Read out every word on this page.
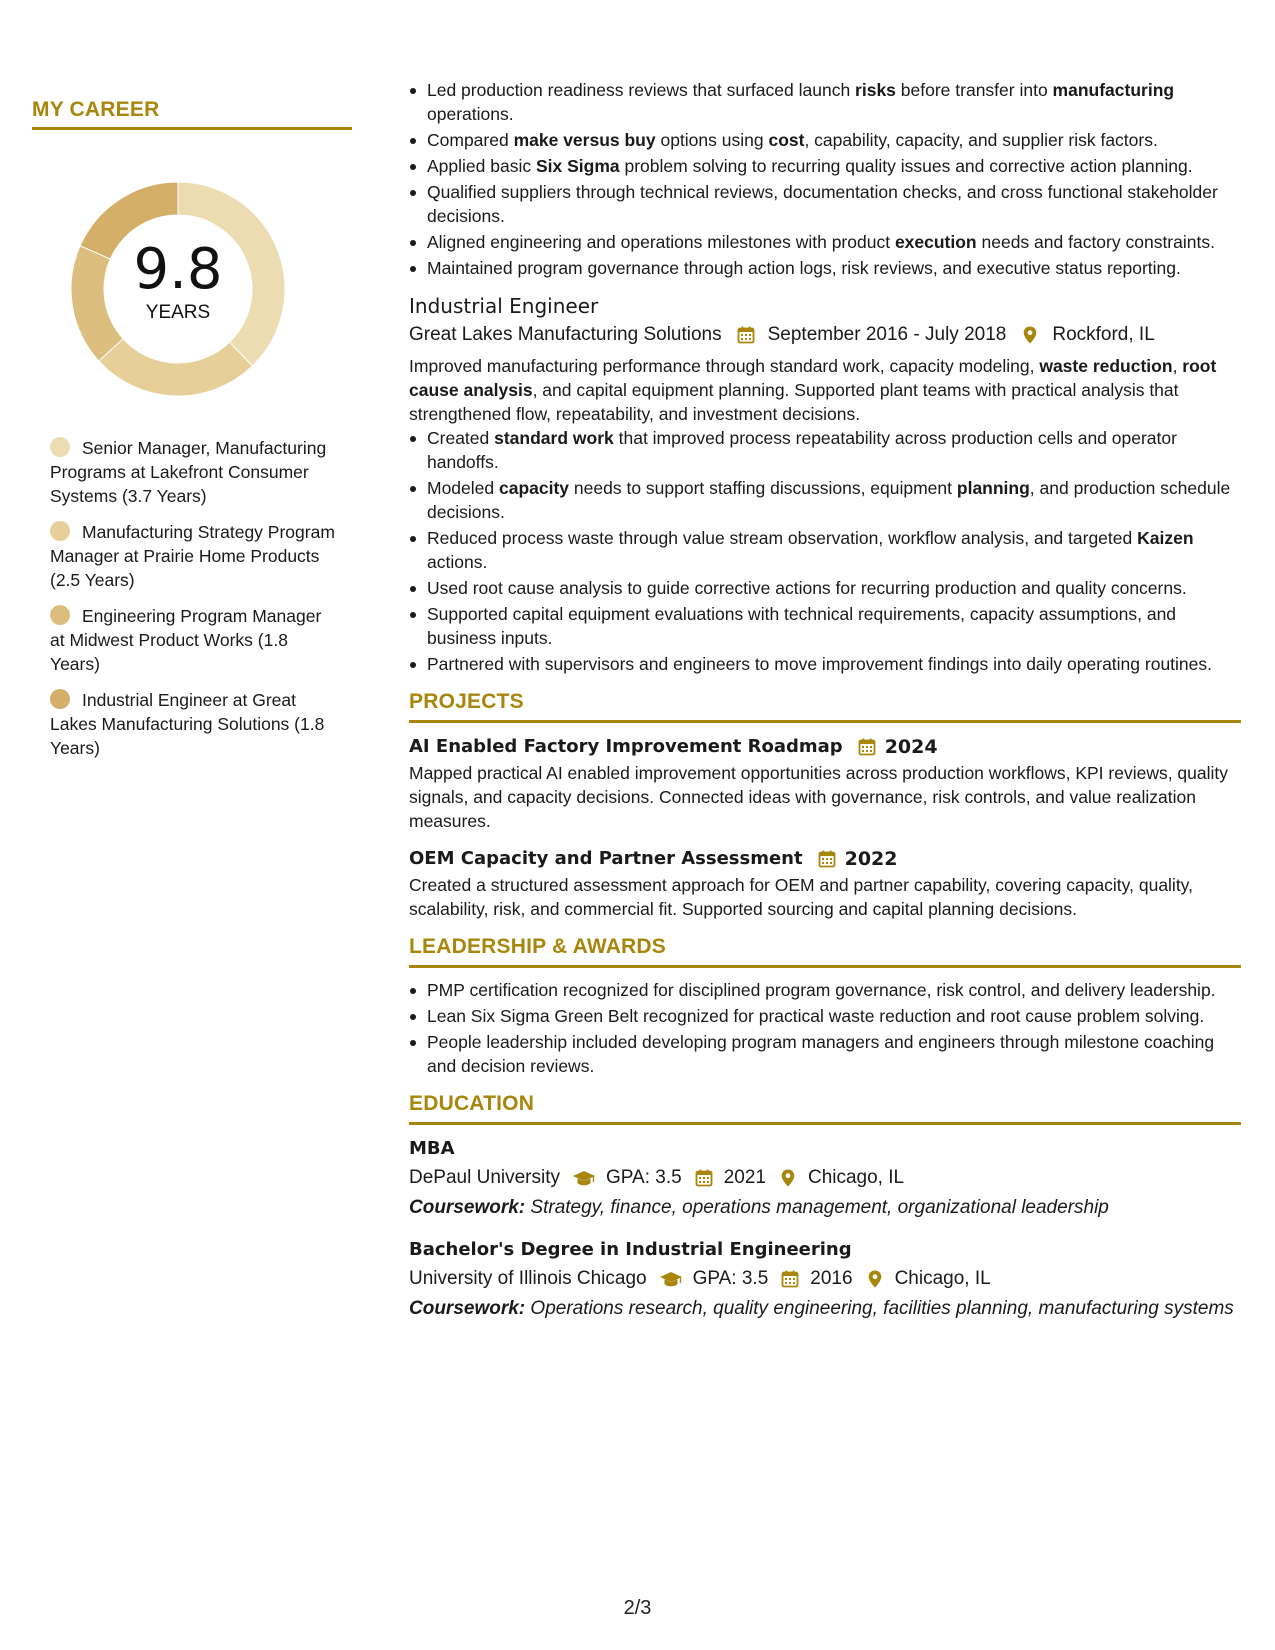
MY CAREER
9.8
YEARS
Senior Manager, Manufacturing Programs at Lakefront Consumer Systems (3.7 Years)
Manufacturing Strategy Program Manager at Prairie Home Products (2.5 Years)
Engineering Program Manager at Midwest Product Works (1.8 Years)
Industrial Engineer at Great Lakes Manufacturing Solutions (1.8 Years)
Led production readiness reviews that surfaced launch risks before transfer into manufacturing operations.
Compared make versus buy options using cost, capability, capacity, and supplier risk factors.
Applied basic Six Sigma problem solving to recurring quality issues and corrective action planning.
Qualified suppliers through technical reviews, documentation checks, and cross functional stakeholder decisions.
Aligned engineering and operations milestones with product execution needs and factory constraints.
Maintained program governance through action logs, risk reviews, and executive status reporting.
Industrial Engineer
Great Lakes Manufacturing Solutions September 2016 - July 2018 Rockford, IL
Improved manufacturing performance through standard work, capacity modeling, waste reduction, root cause analysis, and capital equipment planning. Supported plant teams with practical analysis that strengthened flow, repeatability, and investment decisions.
Created standard work that improved process repeatability across production cells and operator handoffs.
Modeled capacity needs to support staffing discussions, equipment planning, and production schedule decisions.
Reduced process waste through value stream observation, workflow analysis, and targeted Kaizen actions.
Used root cause analysis to guide corrective actions for recurring production and quality concerns.
Supported capital equipment evaluations with technical requirements, capacity assumptions, and business inputs.
Partnered with supervisors and engineers to move improvement findings into daily operating routines.
PROJECTS
AI Enabled Factory Improvement Roadmap 2024
Mapped practical AI enabled improvement opportunities across production workflows, KPI reviews, quality signals, and capacity decisions. Connected ideas with governance, risk controls, and value realization measures.
OEM Capacity and Partner Assessment 2022
Created a structured assessment approach for OEM and partner capability, covering capacity, quality, scalability, risk, and commercial fit. Supported sourcing and capital planning decisions.
LEADERSHIP & AWARDS
PMP certification recognized for disciplined program governance, risk control, and delivery leadership.
Lean Six Sigma Green Belt recognized for practical waste reduction and root cause problem solving.
People leadership included developing program managers and engineers through milestone coaching and decision reviews.
EDUCATION
MBA
DePaul University GPA: 3.5 2021 Chicago, IL
Coursework: Strategy, finance, operations management, organizational leadership
Bachelor's Degree in Industrial Engineering
University of Illinois Chicago GPA: 3.5 2016 Chicago, IL
Coursework: Operations research, quality engineering, facilities planning, manufacturing systems
2/3
